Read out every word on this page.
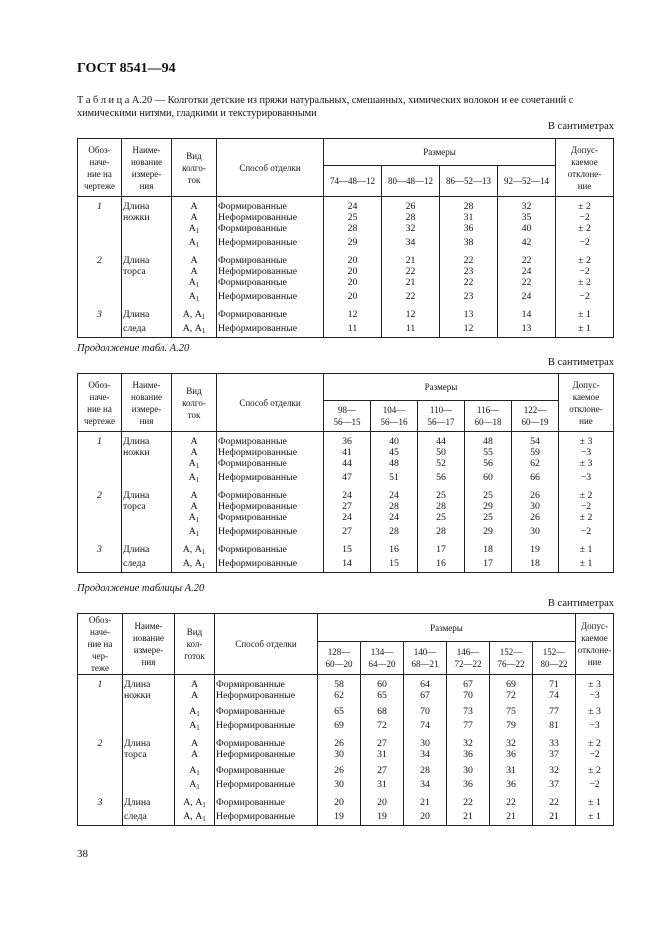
ГОСТ 8541—94
Т а б л и ц а А.20 — Колготки детские из пряжи натуральных, смешанных, химических волокон и ее сочетаний с химическими нитями, гладкими и текстурированными
В сантиметрах
Обоз-
наче-
ние на
чертеже	Наиме-
нование
измере-
ния	Вид
колго-
ток	Способ отделки	Размеры				Допус-
каемое
отклоне-
ние
				74—48—12	80—48—12	86—52—13	92—52—14	
1	Длина	А	Формированные	24	26	28	32	± 2
	ножки	А	Неформированные	25	28	31	35	−2
		$А_1$	Формированные	28	32	36	40	± 2
		$А_1$	Неформированные	29	34	38	42	−2
2	Длина	А	Формированные	20	21	22	22	± 2
	торса	А	Неформированные	20	22	23	24	−2
		$А_1$	Формированные	20	21	22	22	± 2
		$А_1$	Неформированные	20	22	23	24	−2
3	Длина	А, $А_1$	Формированные	12	12	13	14	± 1
	следа	А, $А_1$	Неформированные	11	11	12	13	± 1
Продолжение табл. А.20
В сантиметрах
Обоз-
наче-
ние на
чертеже	Наиме-
нование
измере-
ния	Вид
колго-
ток	Способ отделки	Размеры					Допус-
каемое
отклоне-
ние
				98—
56—15	104—
56—16	110—
56—17	116—
60—18	122—
60—19	
1	Длина	А	Формированные	36	40	44	48	54	± 3
	ножки	А	Неформированные	41	45	50	55	59	−3
		$А_1$	Формированные	44	48	52	56	62	± 3
		$А_1$	Неформированные	47	51	56	60	66	−3
2	Длина	А	Формированные	24	24	25	25	26	± 2
	торса	А	Неформированные	27	28	28	29	30	−2
		$А_1$	Формированные	24	24	25	25	26	± 2
		$А_1$	Неформированные	27	28	28	29	30	−2
3	Длина	А, $А_1$	Формированные	15	16	17	18	19	± 1
	следа	А, $А_1$	Неформированные	14	15	16	17	18	± 1
Продолжение таблицы А.20
В сантиметрах
Обоз-
наче-
ние на
чер-
теже	Наиме-
нование
измере-
ния	Вид
кол-
готок	Способ отделки	Размеры						Допус-
каемое
отклоне-
ние
				128—
60—20	134—
64—20	140—
68—21	146—
72—22	152—
76—22	152—
80—22	
1	Длина	А	Формированные	58	60	64	67	69	71	± 3
	ножки	А	Неформированные	62	65	67	70	72	74	−3

		$А_1$	Формированные	65	68	70	73	75	77	± 3
		$А_1$	Неформированные	69	72	74	77	79	81	−3
2	Длина	А	Формированные	26	27	30	32	32	33	± 2
	торса	А	Неформированные	30	31	34	36	36	37	−2

		$А_1$	Формированные	26	27	28	30	31	32	± 2
		$А_1$	Неформированные	30	31	34	36	36	37	−2
3	Длина	А, $А_1$	Формированные	20	20	21	22	22	22	± 1
	следа	А, $А_1$	Неформированные	19	19	20	21	21	21	± 1
38
